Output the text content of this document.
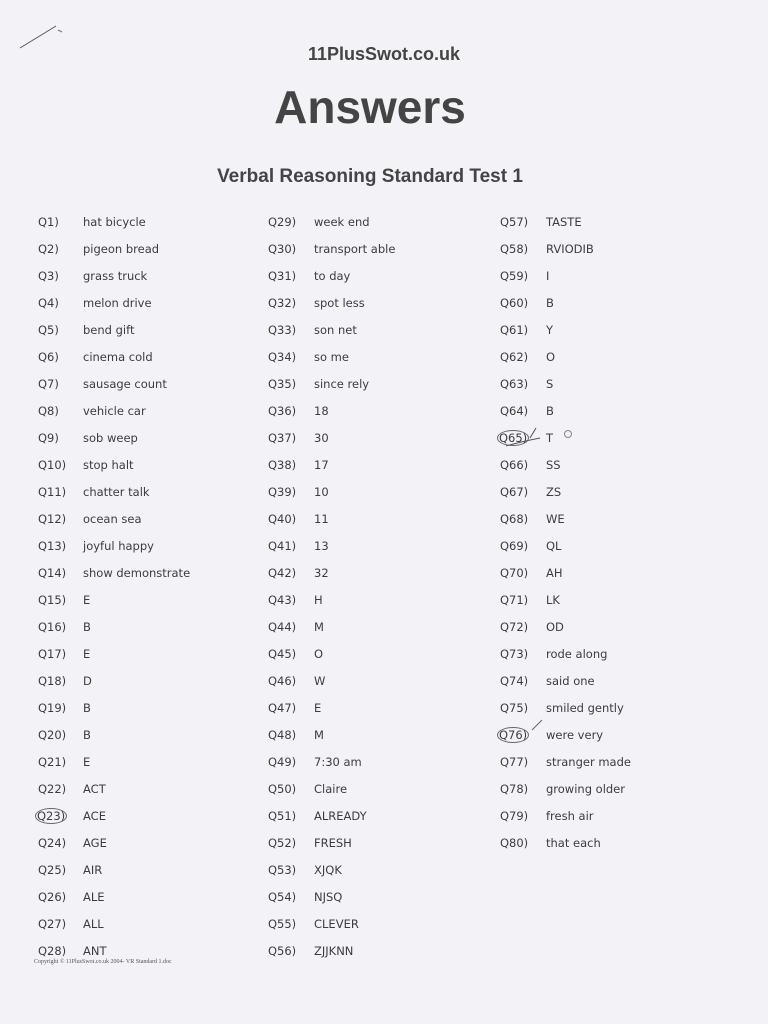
11PlusSwot.co.uk
Answers
Verbal Reasoning Standard Test 1
Q1)	hat bicycle
Q2)	pigeon bread
Q3)	grass truck
Q4)	melon drive
Q5)	bend gift
Q6)	cinema cold
Q7)	sausage count
Q8)	vehicle car
Q9)	sob weep
Q10)	stop halt
Q11)	chatter talk
Q12)	ocean sea
Q13)	joyful happy
Q14)	show demonstrate
Q15)	E
Q16)	B
Q17)	E
Q18)	D
Q19)	B
Q20)	B
Q21)	E
Q22)	ACT
Q23)	ACE
Q24)	AGE
Q25)	AIR
Q26)	ALE
Q27)	ALL
Q28)	ANT
Q29)	week end
Q30)	transport able
Q31)	to day
Q32)	spot less
Q33)	son net
Q34)	so me
Q35)	since rely
Q36)	18
Q37)	30
Q38)	17
Q39)	10
Q40)	11
Q41)	13
Q42)	32
Q43)	H
Q44)	M
Q45)	O
Q46)	W
Q47)	E
Q48)	M
Q49)	7:30 am
Q50)	Claire
Q51)	ALREADY
Q52)	FRESH
Q53)	XJQK
Q54)	NJSQ
Q55)	CLEVER
Q56)	ZJJKNN
Q57)	TASTE
Q58)	RVIODIB
Q59)	I
Q60)	B
Q61)	Y
Q62)	O
Q63)	S
Q64)	B
Q65)	T
Q66)	SS
Q67)	ZS
Q68)	WE
Q69)	QL
Q70)	AH
Q71)	LK
Q72)	OD
Q73)	rode along
Q74)	said one
Q75)	smiled gently
Q76)	were very
Q77)	stranger made
Q78)	growing older
Q79)	fresh air
Q80)	that each
Copyright © 11PlusSwot.co.uk 2004- VR Standard 1.doc
